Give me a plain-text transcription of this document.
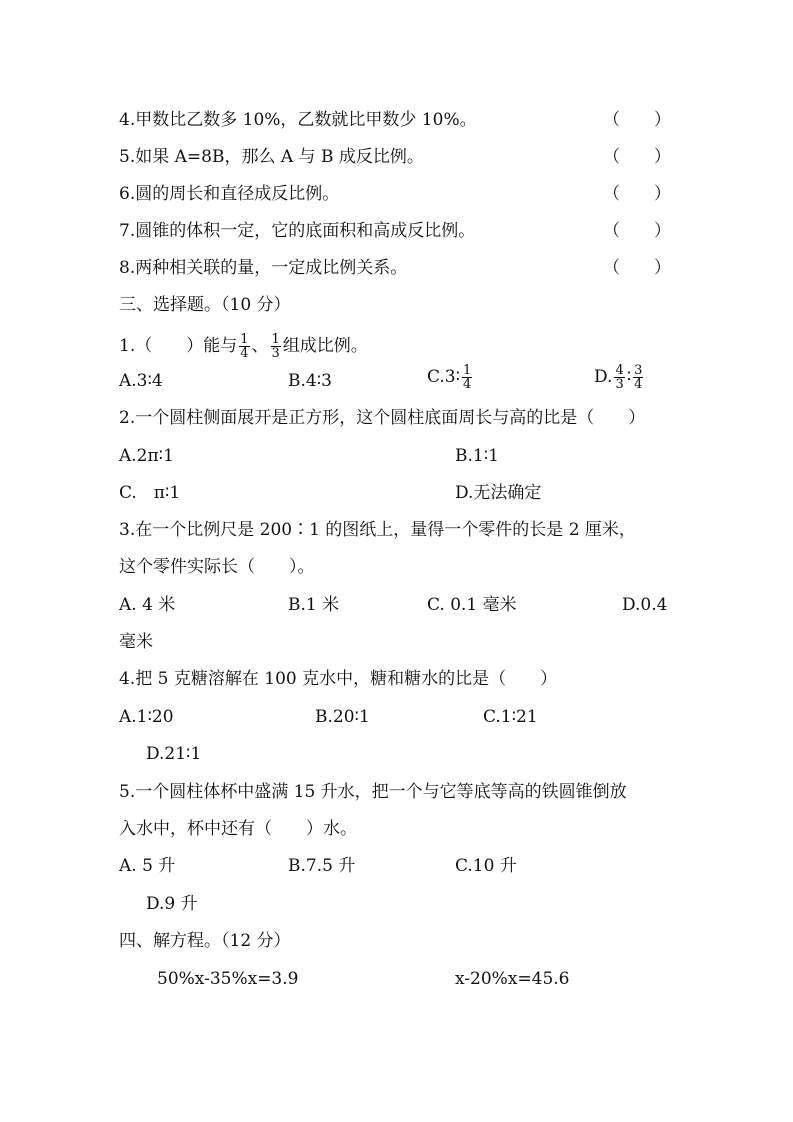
4.甲数比乙数多 10%，乙数就比甲数少 10%。	（　　）
5.如果 A=8B，那么 A 与 B 成反比例。	（　　）
6.圆的周长和直径成反比例。	（　　）
7.圆锥的体积一定，它的底面积和高成反比例。	（　　）
8.两种相关联的量，一定成比例关系。	（　　）
三、选择题。（10 分）
1.（　　）能与 $\frac{1}{4}$ 、 $\frac{1}{3}$ 组成比例。
A.3∶4	B.4∶3	C.3∶ $\frac{1}{4}$	D. $\frac{4}{3}$ ∶ $\frac{3}{4}$
2.一个圆柱侧面展开是正方形，这个圆柱底面周长与高的比是（　　）
A.2π∶1	B.1∶1
C.　π∶1	D.无法确定
3.在一个比例尺是 200∶1 的图纸上，量得一个零件的长是 2 厘米，
这个零件实际长（　　）。
A. 4 米	B.1 米	C. 0.1 毫米	D.0.4
毫米
4.把 5 克糖溶解在 100 克水中，糖和糖水的比是（　　）
A.1∶20	B.20∶1	C.1∶21
D.21∶1
5.一个圆柱体杯中盛满 15 升水，把一个与它等底等高的铁圆锥倒放
入水中，杯中还有（　　）水。
A. 5 升	B.7.5 升	C.10 升
D.9 升
四、解方程。（12 分）
50%x-35%x=3.9	x-20%x=45.6
